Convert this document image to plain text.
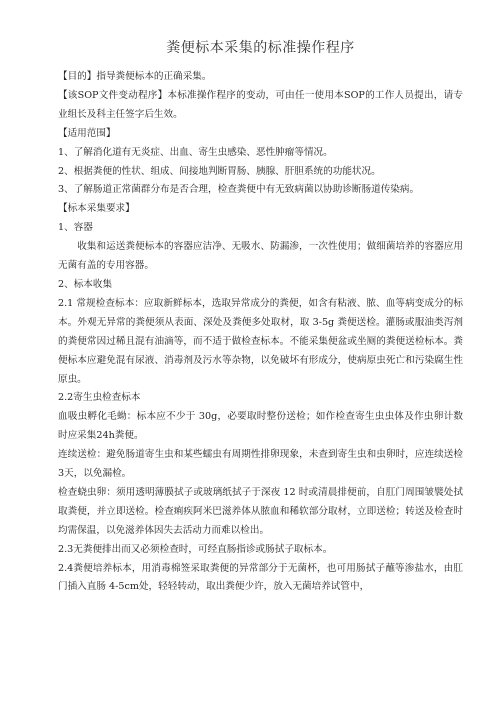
粪便标本采集的标准操作程序

【目的】指导粪便标本的正确采集。

【该SOP文件变动程序】本标准操作程序的变动，可由任一使用本SOP的工作人员提出，请专业组长及科主任签字后生效。

【适用范围】

1、了解消化道有无炎症、出血、寄生虫感染、恶性肿瘤等情况。

2、根据粪便的性状、组成、间接地判断胃肠、胰腺、肝胆系统的功能状况。

3、了解肠道正常菌群分布是否合理，检查粪便中有无致病菌以协助诊断肠道传染病。

【标本采集要求】

1、容器

收集和运送粪便标本的容器应洁净、无吸水、防漏渗，一次性使用；做细菌培养的容器应用无菌有盖的专用容器。

2、标本收集

2.1 常规检查标本：应取新鲜标本，选取异常成分的粪便，如含有粘液、脓、血等病变成分的标本。外观无异常的粪便须从表面、深处及粪便多处取材，取 3-5g 粪便送检。灌肠或服油类泻剂的粪便常因过稀且混有油滴等，而不适于做检查标本。不能采集便盆或坐厕的粪便送检标本。粪便标本应避免混有尿液、消毒剂及污水等杂物，以免破坏有形成分，使病原虫死亡和污染腐生性原虫。

2.2寄生虫检查标本

血吸虫孵化毛蚴：标本应不少于 30g，必要取时整份送检；如作检查寄生虫虫体及作虫卵计数时应采集24h粪便。

连续送检：避免肠道寄生虫和某些蠕虫有周期性排卵现象，未查到寄生虫和虫卵时，应连续送检3天，以免漏检。

检查蛲虫卵：须用透明薄膜拭子或玻璃纸拭子于深夜 12 时或清晨排便前，自肛门周围皱襞处拭取粪便，并立即送检。检查痢疾阿米巴滋养体从脓血和稀软部分取材，立即送检；转送及检查时均需保温，以免滋养体因失去活动力而难以检出。

2.3无粪便排出而又必须检查时，可经直肠指诊或肠拭子取标本。

2.4粪便培养标本，用消毒棉签采取粪便的异常部分于无菌杯，也可用肠拭子蘸等渗盐水，由肛门插入直肠 4-5cm处，轻轻转动，取出粪便少许，放入无菌培养试管中，
